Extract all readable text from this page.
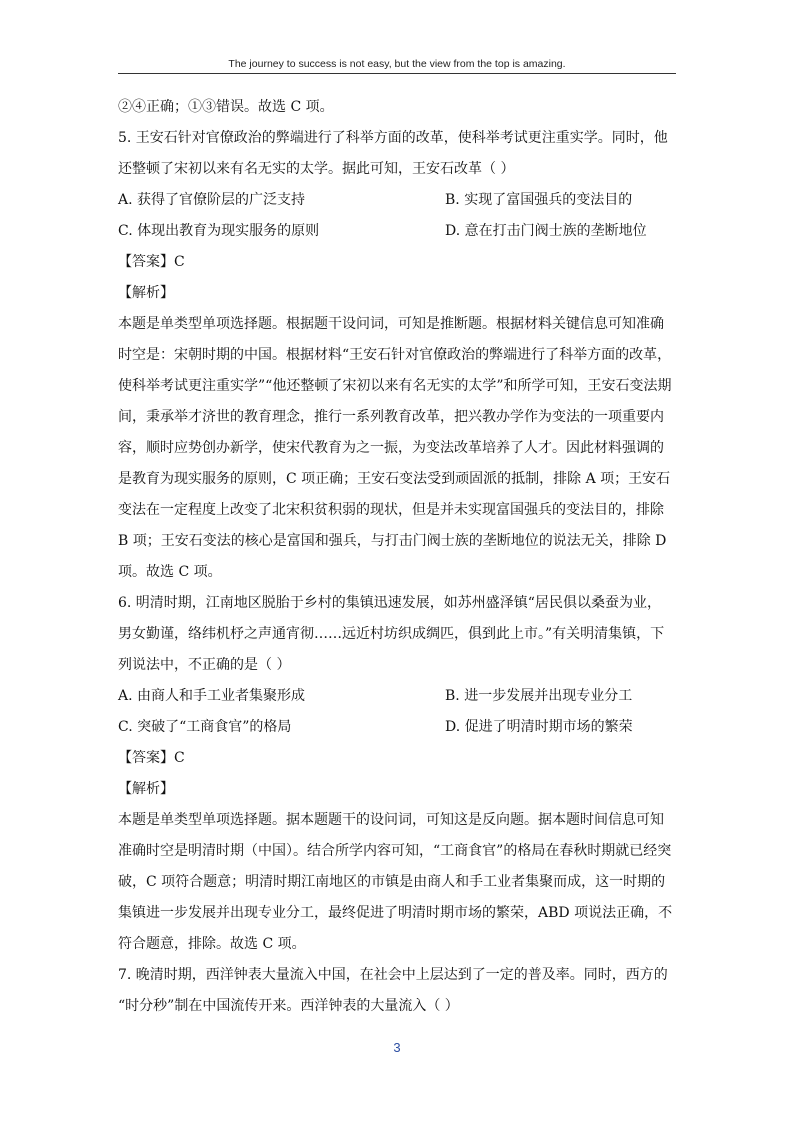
The journey to success is not easy, but the view from the top is amazing.
②④正确；①③错误。故选 C 项。
5. 王安石针对官僚政治的弊端进行了科举方面的改革，使科举考试更注重实学。同时，他
还整顿了宋初以来有名无实的太学。据此可知，王安石改革（ ）
A. 获得了官僚阶层的广泛支持	B. 实现了富国强兵的变法目的
C. 体现出教育为现实服务的原则	D. 意在打击门阀士族的垄断地位
【答案】C
【解析】
本题是单类型单项选择题。根据题干设问词，可知是推断题。根据材料关键信息可知准确
时空是：宋朝时期的中国。根据材料“王安石针对官僚政治的弊端进行了科举方面的改革，
使科举考试更注重实学”“他还整顿了宋初以来有名无实的太学”和所学可知，王安石变法期
间，秉承举才济世的教育理念，推行一系列教育改革，把兴教办学作为变法的一项重要内
容，顺时应势创办新学，使宋代教育为之一振，为变法改革培养了人才。因此材料强调的
是教育为现实服务的原则，C 项正确；王安石变法受到顽固派的抵制，排除 A 项；王安石
变法在一定程度上改变了北宋积贫积弱的现状，但是并未实现富国强兵的变法目的，排除
B 项；王安石变法的核心是富国和强兵，与打击门阀士族的垄断地位的说法无关，排除 D
项。故选 C 项。
6. 明清时期，江南地区脱胎于乡村的集镇迅速发展，如苏州盛泽镇“居民俱以桑蚕为业，
男女勤谨，络纬机杼之声通宵彻……远近村坊织成绸匹，俱到此上市。”有关明清集镇，下
列说法中，不正确的是（ ）
A. 由商人和手工业者集聚形成	B. 进一步发展并出现专业分工
C. 突破了“工商食官”的格局	D. 促进了明清时期市场的繁荣
【答案】C
【解析】
本题是单类型单项选择题。据本题题干的设问词，可知这是反向题。据本题时间信息可知
准确时空是明清时期（中国）。结合所学内容可知，“工商食官”的格局在春秋时期就已经突
破，C 项符合题意；明清时期江南地区的市镇是由商人和手工业者集聚而成，这一时期的
集镇进一步发展并出现专业分工，最终促进了明清时期市场的繁荣，ABD 项说法正确，不
符合题意，排除。故选 C 项。
7. 晚清时期，西洋钟表大量流入中国，在社会中上层达到了一定的普及率。同时，西方的
“时分秒”制在中国流传开来。西洋钟表的大量流入（ ）
3
